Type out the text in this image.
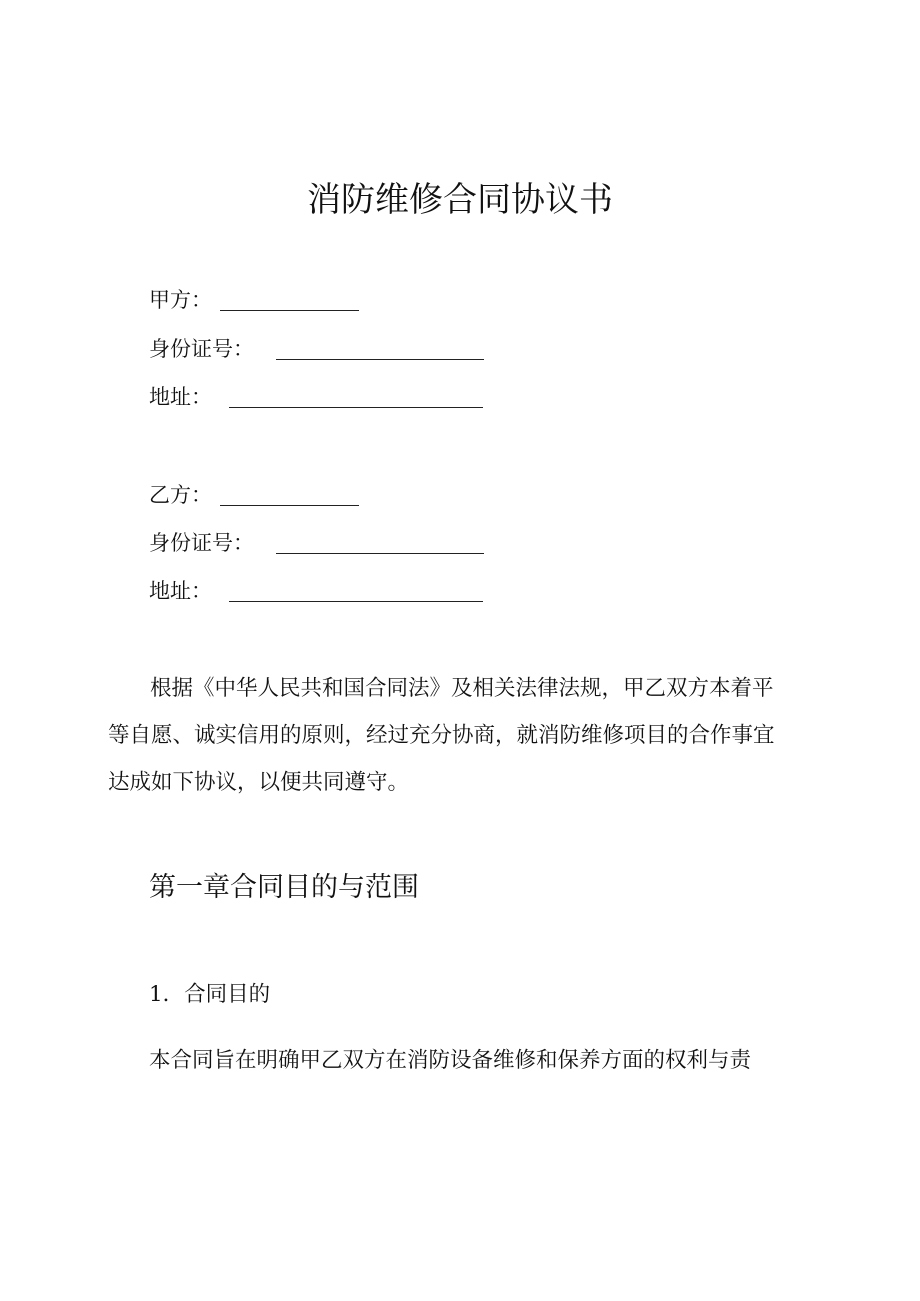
消防维修合同协议书
甲方：
身份证号：
地址：
乙方：
身份证号：
地址：
根据《中华人民共和国合同法》及相关法律法规，甲乙双方本着平
等自愿、诚实信用的原则，经过充分协商，就消防维修项目的合作事宜
达成如下协议，以便共同遵守。
第一章合同目的与范围
1．合同目的
本合同旨在明确甲乙双方在消防设备维修和保养方面的权利与责
